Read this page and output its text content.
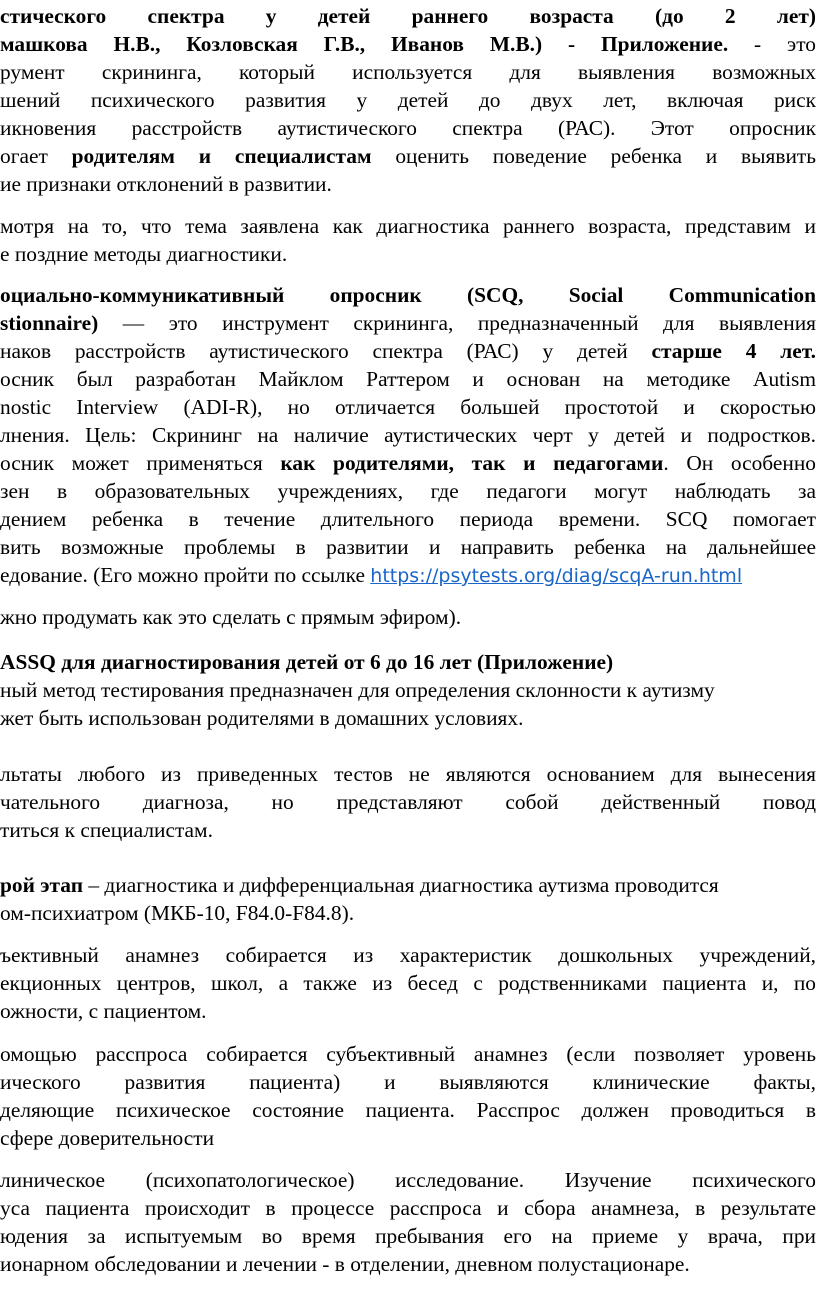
стического спектра у детей раннего возраста (до 2 лет)
машкова Н.В., Козловская Г.В., Иванов М.В.) - Приложение. - это
румент скрининга, который используется для выявления возможных
шений психического развития у детей до двух лет, включая риск
икновения расстройств аутистического спектра (РАС). Этот опросник
огает родителям и специалистам оценить поведение ребенка и выявить
ие признаки отклонений в развитии.
мотря на то, что тема заявлена как диагностика раннего возраста, представим и
е поздние методы диагностики.
оциально-коммуникативный опросник (SCQ, Social Communication
stionnaire) — это инструмент скрининга, предназначенный для выявления
наков расстройств аутистического спектра (РАС) у детей старше 4 лет.
осник был разработан Майклом Раттером и основан на методике Autism
nostic Interview (ADI-R), но отличается большей простотой и скоростью
лнения. Цель: Скрининг на наличие аутистических черт у детей и подростков.
осник может применяться как родителями, так и педагогами. Он особенно
зен в образовательных учреждениях, где педагоги могут наблюдать за
дением ребенка в течение длительного периода времени. SCQ помогает
вить возможные проблемы в развитии и направить ребенка на дальнейшее
едование. (Его можно пройти по ссылке https://psytests.org/diag/scqA-run.html
жно продумать как это сделать с прямым эфиром).
ASSQ для диагностирования детей от 6 до 16 лет (Приложение)
ный метод тестирования предназначен для определения склонности к аутизму
жет быть использован родителями в домашних условиях.
льтаты любого из приведенных тестов не являются основанием для вынесения
чательного диагноза, но представляют собой действенный повод
титься к специалистам.
рой этап – диагностика и дифференциальная диагностика аутизма проводится
ом-психиатром (МКБ-10, F84.0-F84.8).
ъективный анамнез собирается из характеристик дошкольных учреждений,
екционных центров, школ, а также из бесед с родственниками пациента и, по
ожности, с пациентом.
омощью расспроса собирается субъективный анамнез (если позволяет уровень
ического развития пациента) и выявляются клинические факты,
деляющие психическое состояние пациента. Расспрос должен проводиться в
сфере доверительности
линическое (психопатологическое) исследование. Изучение психического
уса пациента происходит в процессе расспроса и сбора анамнеза, в результате
юдения за испытуемым во время пребывания его на приеме у врача, при
ионарном обследовании и лечении - в отделении, дневном полустационаре.
